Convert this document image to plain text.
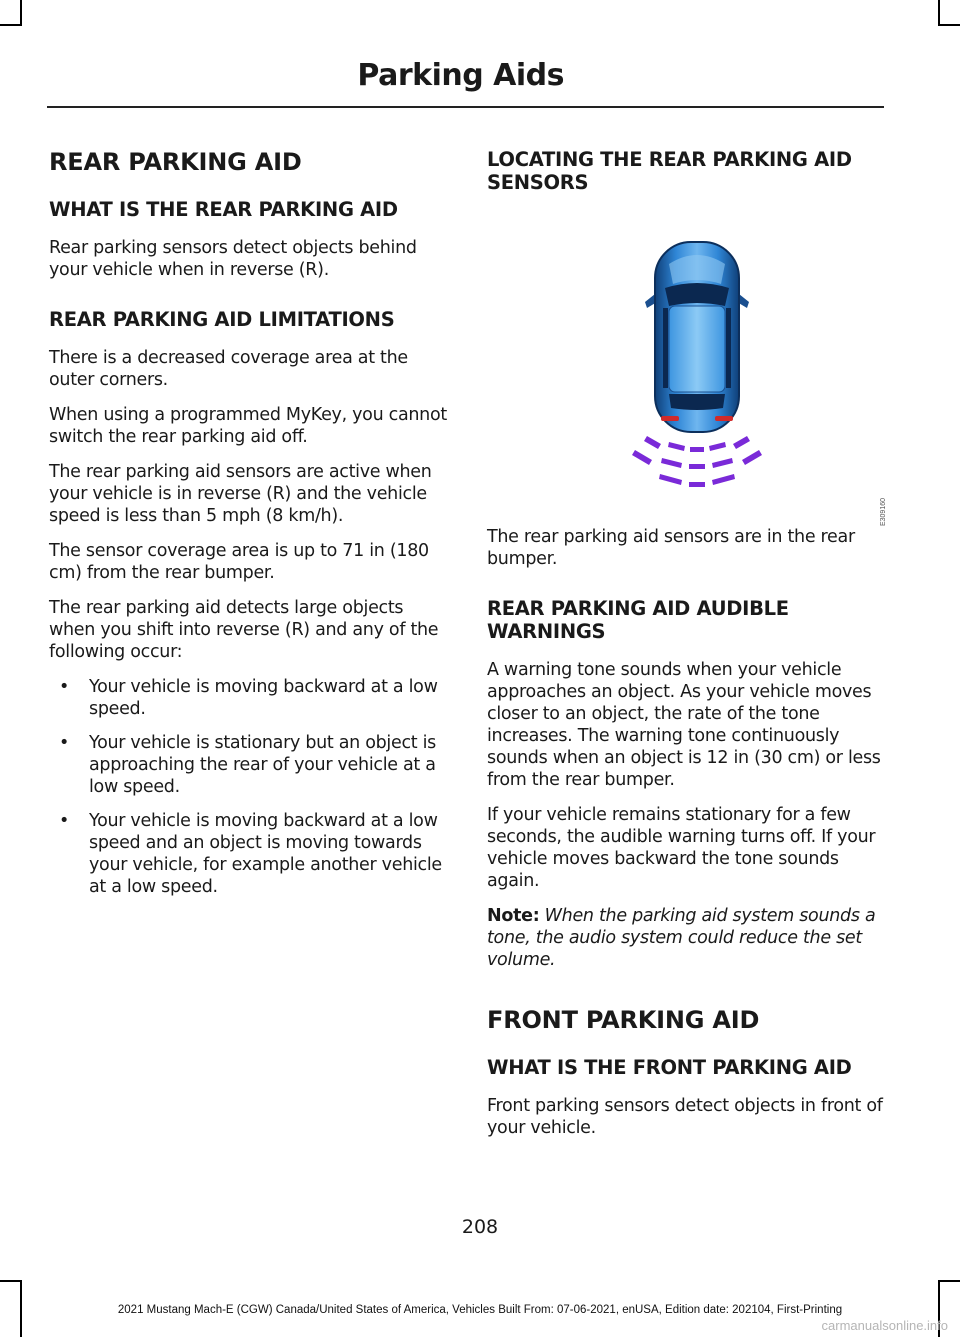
Parking Aids
REAR PARKING AID
WHAT IS THE REAR PARKING AID

Rear parking sensors detect objects behind your vehicle when in reverse (R).

REAR PARKING AID LIMITATIONS

There is a decreased coverage area at the outer corners.

When using a programmed MyKey, you cannot switch the rear parking aid off.

The rear parking aid sensors are active when your vehicle is in reverse (R) and the vehicle speed is less than 5 mph (8 km/h).

The sensor coverage area is up to 71 in (180 cm) from the rear bumper.

The rear parking aid detects large objects when you shift into reverse (R) and any of the following occur:

• Your vehicle is moving backward at a low speed.
• Your vehicle is stationary but an object is approaching the rear of your vehicle at a low speed.
• Your vehicle is moving backward at a low speed and an object is moving towards your vehicle, for example another vehicle at a low speed.
LOCATING THE REAR PARKING AID SENSORS
E309160

The rear parking aid sensors are in the rear bumper.

REAR PARKING AID AUDIBLE WARNINGS

A warning tone sounds when your vehicle approaches an object. As your vehicle moves closer to an object, the rate of the tone increases. The warning tone continuously sounds when an object is 12 in (30 cm) or less from the rear bumper.

If your vehicle remains stationary for a few seconds, the audible warning turns off. If your vehicle moves backward the tone sounds again.

Note: When the parking aid system sounds a tone, the audio system could reduce the set volume.

FRONT PARKING AID
WHAT IS THE FRONT PARKING AID

Front parking sensors detect objects in front of your vehicle.

208
2021 Mustang Mach-E (CGW) Canada/United States of America, Vehicles Built From: 07-06-2021, enUSA, Edition date: 202104, First-Printing
carmanualsonline.info
